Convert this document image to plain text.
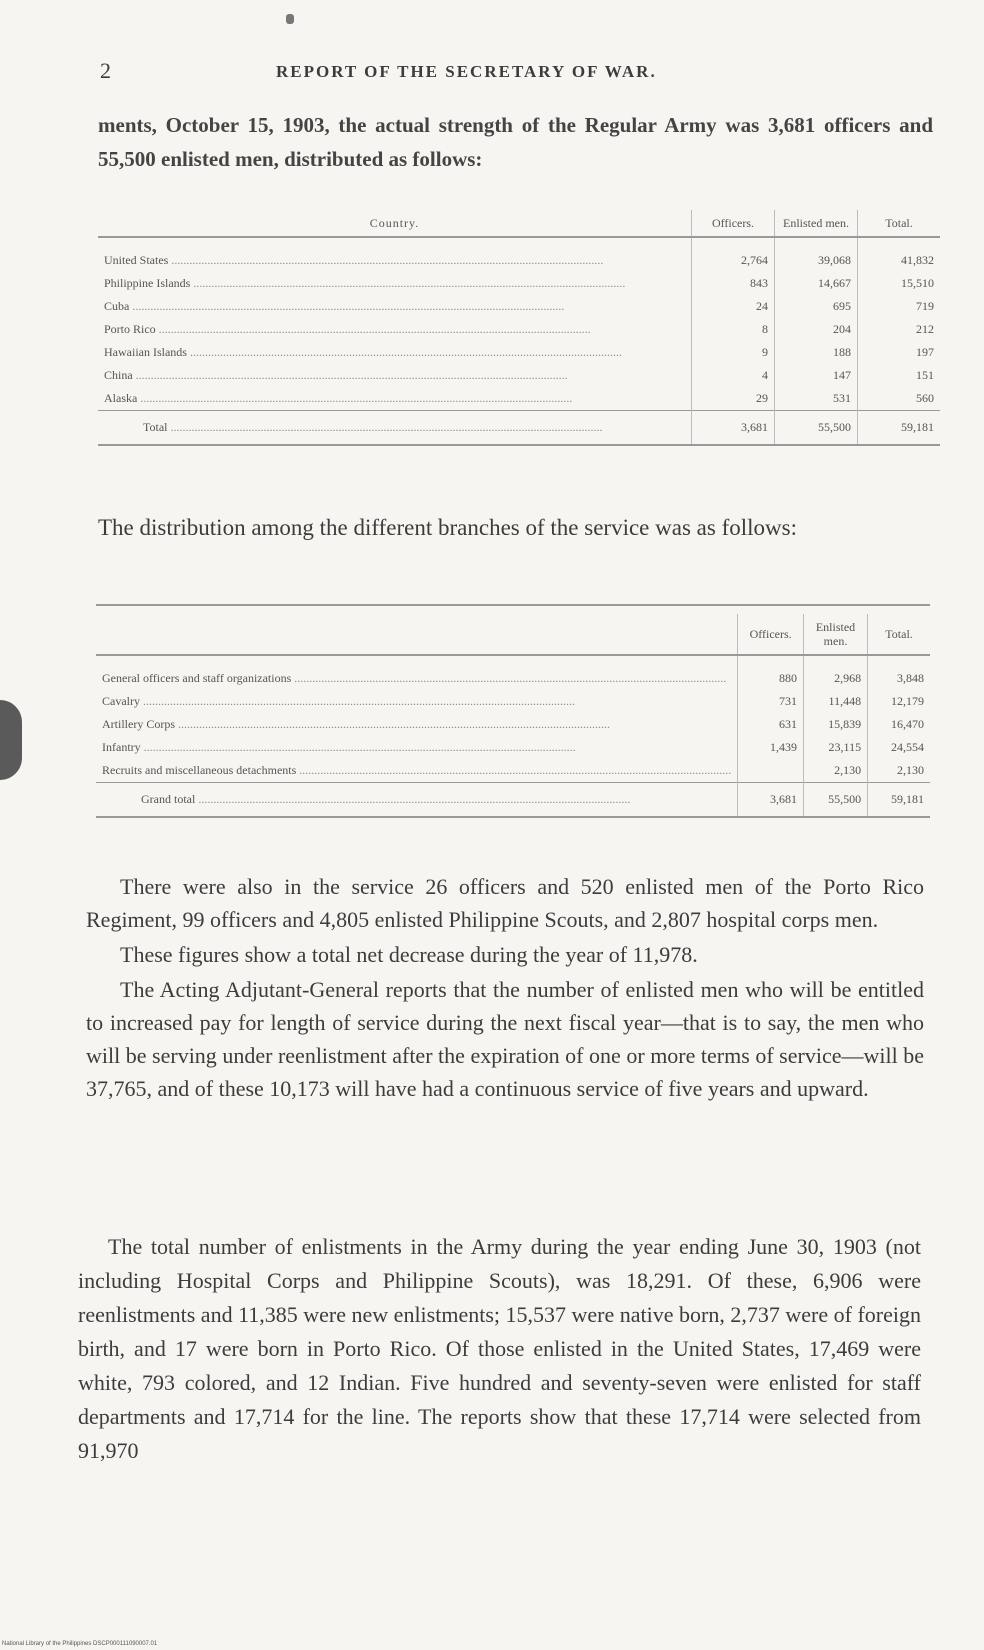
2	REPORT OF THE SECRETARY OF WAR.
ments, October 15, 1903, the actual strength of the Regular Army was 3,681 officers and 55,500 enlisted men, distributed as follows:
Country.	Officers.	Enlisted men.	Total.
United States .....	2,764	39,068	41,832
Philippine Islands .....	843	14,667	15,510
Cuba .....	24	695	719
Porto Rico .....	8	204	212
Hawaiian Islands .....	9	188	197
China .....	4	147	151
Alaska .....	29	531	560
Total .....	3,681	55,500	59,181
The distribution among the different branches of the service was as follows:
	Officers.	Enlisted men.	Total.
General officers and staff organizations .....	880	2,968	3,848
Cavalry .....	731	11,448	12,179
Artillery Corps .....	631	15,839	16,470
Infantry .....	1,439	23,115	24,554
Recruits and miscellaneous detachments .....		2,130	2,130
Grand total .....	3,681	55,500	59,181

There were also in the service 26 officers and 520 enlisted men of the Porto Rico Regiment, 99 officers and 4,805 enlisted Philippine Scouts, and 2,807 hospital corps men.

These figures show a total net decrease during the year of 11,978.

The Acting Adjutant-General reports that the number of enlisted men who will be entitled to increased pay for length of service during the next fiscal year—that is to say, the men who will be serving under reenlistment after the expiration of one or more terms of service—will be 37,765, and of these 10,173 will have had a continuous service of five years and upward.

The total number of enlistments in the Army during the year ending June 30, 1903 (not including Hospital Corps and Philippine Scouts), was 18,291. Of these, 6,906 were reenlistments and 11,385 were new enlistments; 15,537 were native born, 2,737 were of foreign birth, and 17 were born in Porto Rico. Of those enlisted in the United States, 17,469 were white, 793 colored, and 12 Indian. Five hundred and seventy-seven were enlisted for staff departments and 17,714 for the line. The reports show that these 17,714 were selected from 91,970
National Library of the Philippines DSCP000111090007.01
